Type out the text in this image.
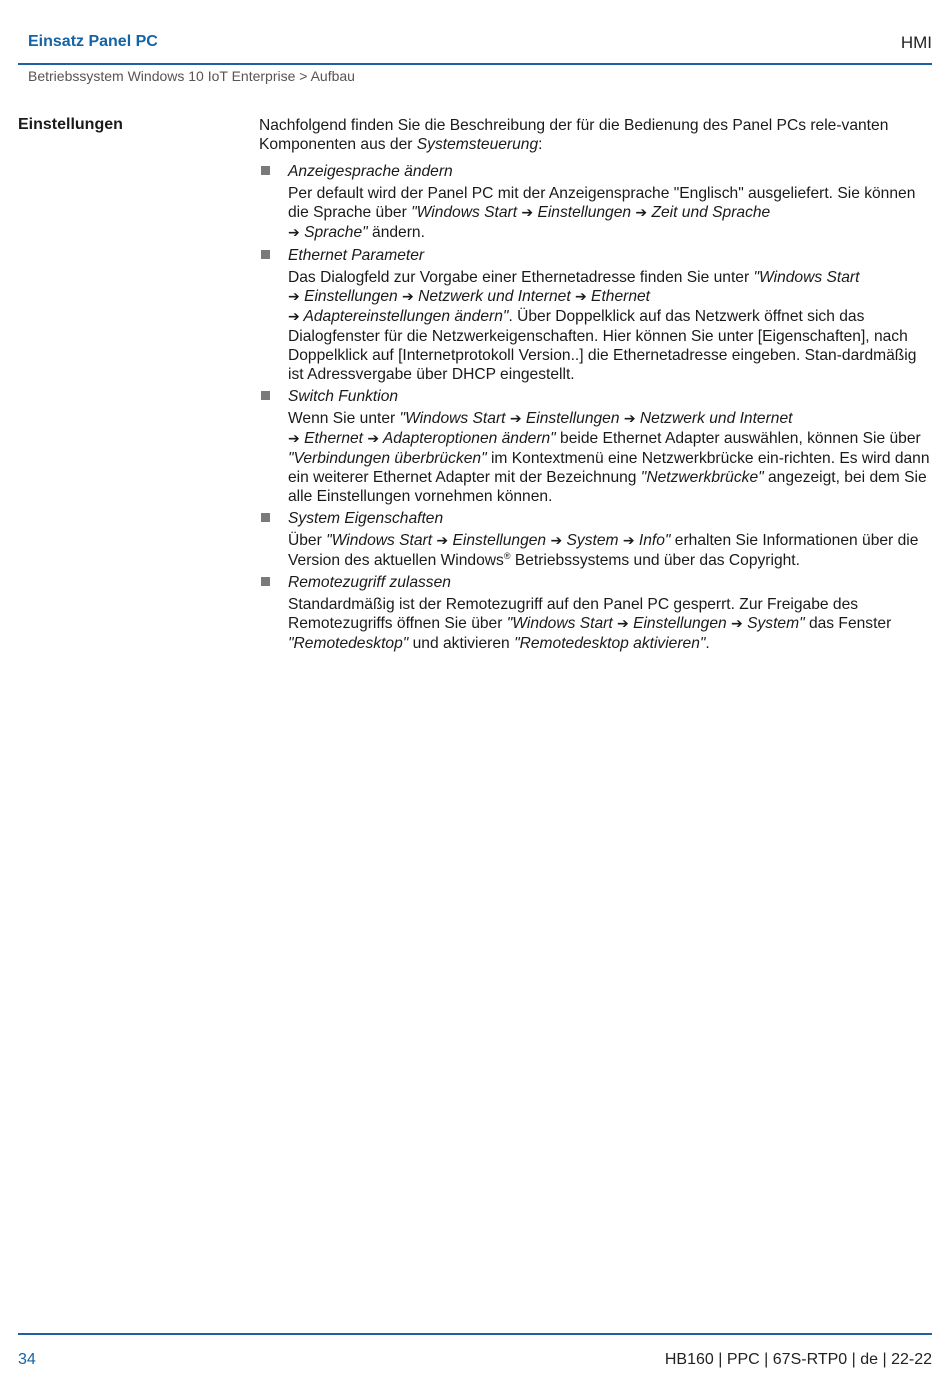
Einsatz Panel PC	HMI
Betriebssystem Windows 10 IoT Enterprise > Aufbau
Einstellungen	Nachfolgend finden Sie die Beschreibung der für die Bedienung des Panel PCs rele-vanten Komponenten aus der Systemsteuerung:

Anzeigesprache ändern

Per default wird der Panel PC mit der Anzeigensprache "Englisch" ausgeliefert. Sie können die Sprache über "Windows Start ➔ Einstellungen ➔ Zeit und Sprache
➔ Sprache" ändern.

Ethernet Parameter

Das Dialogfeld zur Vorgabe einer Ethernetadresse finden Sie unter "Windows Start
➔ Einstellungen ➔ Netzwerk und Internet ➔ Ethernet
➔ Adaptereinstellungen ändern". Über Doppelklick auf das Netzwerk öffnet sich das Dialogfenster für die Netzwerkeigenschaften. Hier können Sie unter [Eigenschaften], nach Doppelklick auf [Internetprotokoll Version..] die Ethernetadresse eingeben. Stan-dardmäßig ist Adressvergabe über DHCP eingestellt.

Switch Funktion

Wenn Sie unter "Windows Start ➔ Einstellungen ➔ Netzwerk und Internet
➔ Ethernet ➔ Adapteroptionen ändern" beide Ethernet Adapter auswählen, können Sie über "Verbindungen überbrücken" im Kontextmenü eine Netzwerkbrücke ein-richten. Es wird dann ein weiterer Ethernet Adapter mit der Bezeichnung "Netzwerkbrücke" angezeigt, bei dem Sie alle Einstellungen vornehmen können.

System Eigenschaften

Über "Windows Start ➔ Einstellungen ➔ System ➔ Info" erhalten Sie Informationen über die Version des aktuellen Windows® Betriebssystems und über das Copyright.

Remotezugriff zulassen

Standardmäßig ist der Remotezugriff auf den Panel PC gesperrt. Zur Freigabe des Remotezugriffs öffnen Sie über "Windows Start ➔ Einstellungen ➔ System" das Fenster "Remotedesktop" und aktivieren "Remotedesktop aktivieren".

34	HB160 | PPC | 67S-RTP0 | de | 22-22
